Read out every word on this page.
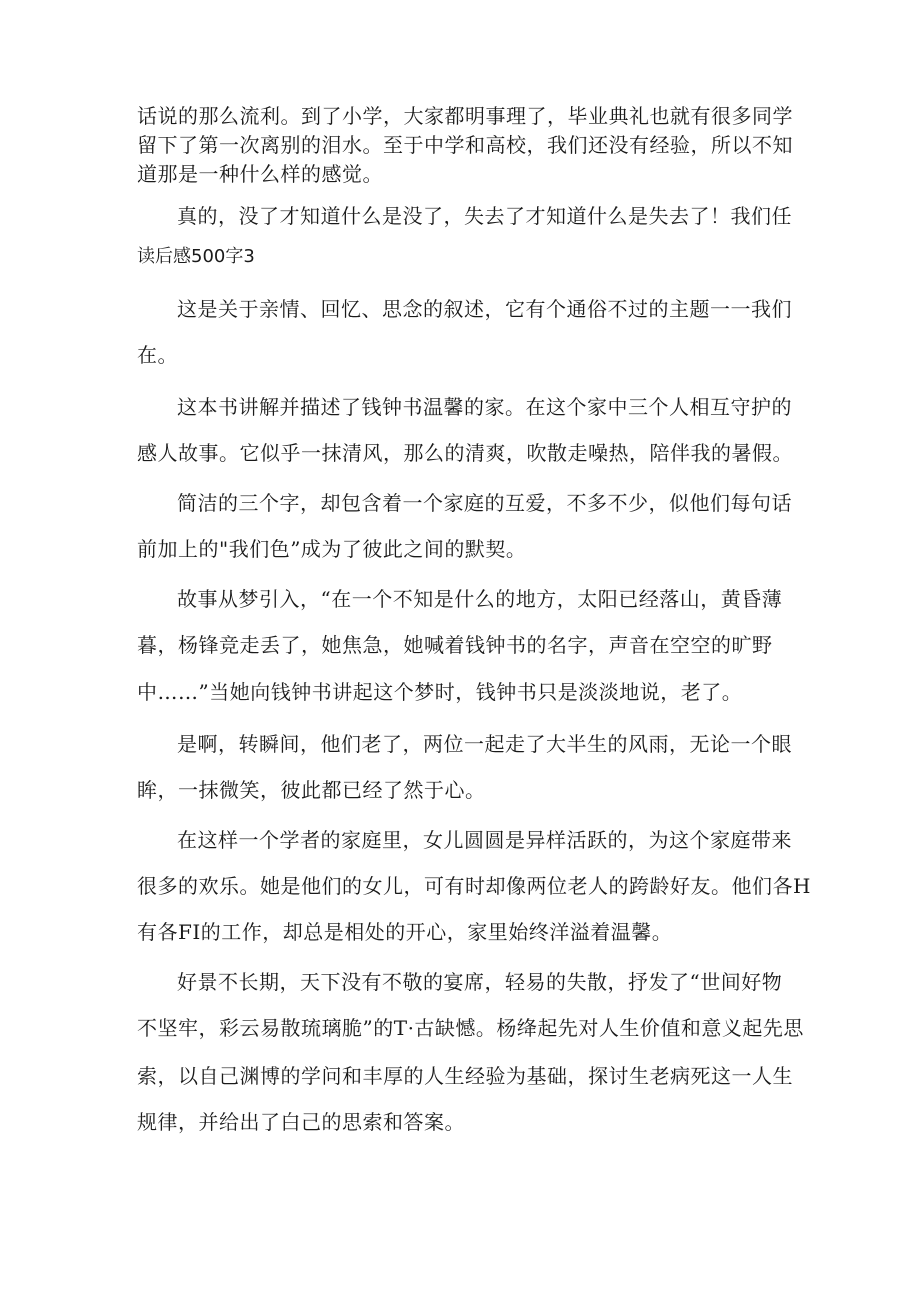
话说的那么流利。到了小学，大家都明事理了，毕业典礼也就有很多同学
留下了第一次离别的泪水。至于中学和高校，我们还没有经验，所以不知
道那是一种什么样的感觉。
真的，没了才知道什么是没了，失去了才知道什么是失去了！我们任
读后感500字3
这是关于亲情、回忆、思念的叙述，它有个通俗不过的主题一一我们
在。
这本书讲解并描述了钱钟书温馨的家。在这个家中三个人相互守护的
感人故事。它似乎一抹清风，那么的清爽，吹散走噪热，陪伴我的暑假。
简洁的三个字，却包含着一个家庭的互爱，不多不少，似他们每句话
前加上的"我们色”成为了彼此之间的默契。
故事从梦引入，“在一个不知是什么的地方，太阳已经落山，黄昏薄
暮，杨锋竞走丢了，她焦急，她喊着钱钟书的名字，声音在空空的旷野
中……”当她向钱钟书讲起这个梦时，钱钟书只是淡淡地说，老了。
是啊，转瞬间，他们老了，两位一起走了大半生的风雨，无论一个眼
眸，一抹微笑，彼此都已经了然于心。
在这样一个学者的家庭里，女儿圆圆是异样活跃的，为这个家庭带来
很多的欢乐。她是他们的女儿，可有时却像两位老人的跨龄好友。他们各H
有各FI的工作，却总是相处的开心，家里始终洋溢着温馨。
好景不长期，天下没有不敬的宴席，轻易的失散，抒发了“世间好物
不坚牢，彩云易散琉璃脆”的T·古缺憾。杨绛起先对人生价值和意义起先思
索，以自己渊博的学问和丰厚的人生经验为基础，探讨生老病死这一人生
规律，并给出了白己的思索和答案。
